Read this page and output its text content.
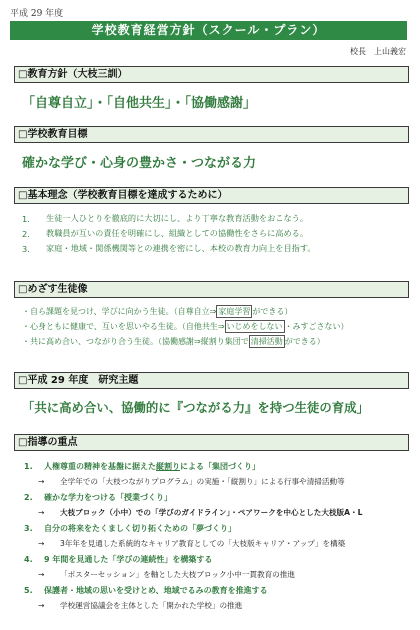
平成 29 年度
学校教育経営方針（スクール・プラン）
校長　上山義宏
□教育方針（大枝三訓）
「自尊自立」・「自他共生」・「協働感謝」
□学校教育目標
確かな学び・心身の豊かさ・つながる力
□基本理念（学校教育目標を達成するために）
1.	生徒一人ひとりを徹底的に大切にし、より丁寧な教育活動をおこなう。
2.	教職員が互いの責任を明確にし、組織としての協働性をさらに高める。
3.	家庭・地域・関係機関等との連携を密にし、本校の教育力向上を目指す。
□めざす生徒像
・自ら課題を見つけ、学びに向かう生徒。（自尊自立⇒ 家庭学習 ができる）
・心身ともに健康で、互いを思いやる生徒。（自他共生⇒ いじめをしない ・みすごさない）
・共に高め合い、つながり合う生徒。（協働感謝⇒縦割り集団で 清掃活動 ができる）
□平成 29 年度　研究主題
「共に高め合い、協働的に『つながる力』を持つ生徒の育成」
□指導の重点
1.	人権尊重の精神を基盤に据えた 縦割り による「集団づくり」
→	全学年での「大枝つながりプログラム」の実施・「縦割り」による行事や清掃活動等
2.	確かな学力をつける「授業づくり」
→	大枝ブロック（小中）での「学びのガイドライン」・ペアワークを中心とした大枝版A・L
3.	自分の将来をたくましく切り拓くための「夢づくり」
→	3年年を見通した系統的なキャリア教育としての「大枝版キャリア・アップ」を構築
4.	9 年間を見通した「学びの連続性」を構築する
→	「ポスターセッション」を軸とした大枝ブロック小中一貫教育の推進
5.	保護者・地域の思いを受けとめ、地域でるみの教育を推進する
→	学校運営協議会を主体とした「開かれた学校」の推進
